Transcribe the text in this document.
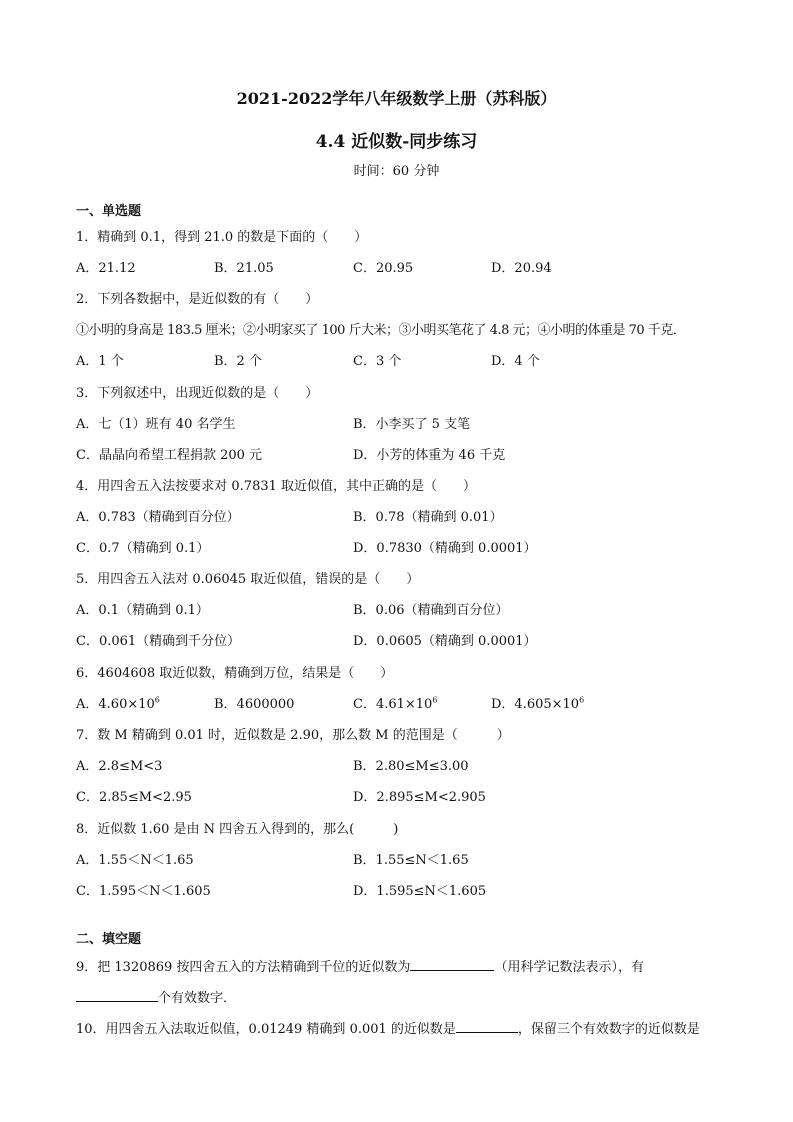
2021-2022学年八年级数学上册（苏科版）
4.4 近似数-同步练习
时间：60 分钟
一、单选题
1．精确到 0.1，得到 21.0 的数是下面的（　　）
A．21.12	B．21.05	C．20.95	D．20.94
2．下列各数据中，是近似数的有（　　）
①小明的身高是 183.5 厘米；②小明家买了 100 斤大米；③小明买笔花了 4.8 元；④小明的体重是 70 千克．
A．1 个	B．2 个	C．3 个	D．4 个
3．下列叙述中，出现近似数的是（　　）
A．七（1）班有 40 名学生	B．小李买了 5 支笔
C．晶晶向希望工程捐款 200 元	D．小芳的体重为 46 千克
4．用四舍五入法按要求对 0.7831 取近似值，其中正确的是（　　）
A．0.783（精确到百分位）	B．0.78（精确到 0.01）
C．0.7（精确到 0.1）	D．0.7830（精确到 0.0001）
5．用四舍五入法对 0.06045 取近似值，错误的是（　　）
A．0.1（精确到 0.1）	B．0.06（精确到百分位）
C．0.061（精确到千分位）	D．0.0605（精确到 0.0001）
6．4604608 取近似数，精确到万位，结果是（　　）
A．$4.60\times 10^6$	B．4600000	C．$4.61\times 10^6$	D．$4.605\times 10^6$
7．数 M 精确到 0.01 时，近似数是 2.90，那么数 M 的范围是（　　　）
A．2.8≤M<3	B．2.80≤M≤3.00
C．2.85≤M<2.95	D．2.895≤M<2.905
8．近似数 1.60 是由 N 四舍五入得到的，那么(　　　)
A．1.55＜N＜1.65	B．1.55≤N＜1.65
C．1.595＜N＜1.605	D．1.595≤N＜1.605
二、填空题
9．把 1320869 按四舍五入的方法精确到千位的近似数为	（用科学记数法表示），有
个有效数字．
10．用四舍五入法取近似值，0.01249 精确到 0.001 的近似数是	，保留三个有效数字的近似数是
